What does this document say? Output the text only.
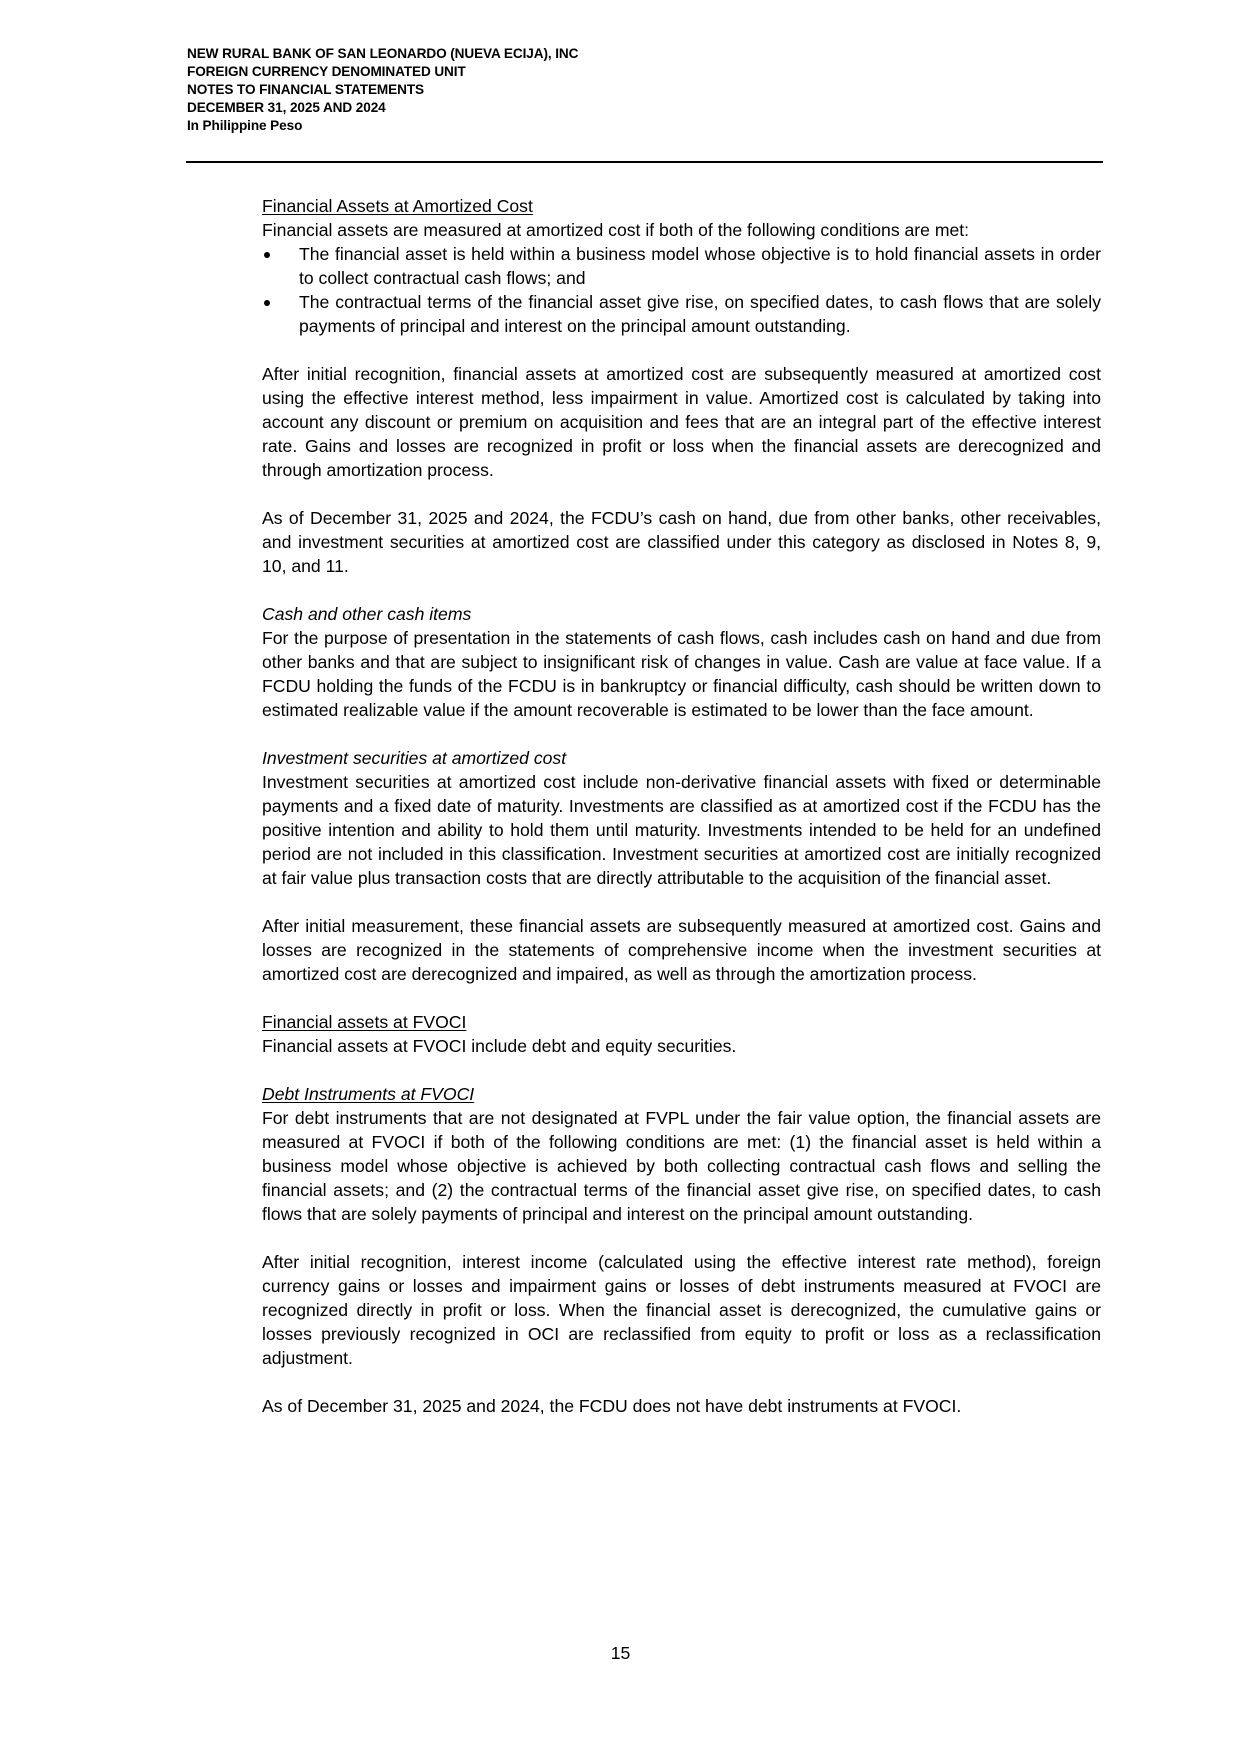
NEW RURAL BANK OF SAN LEONARDO (NUEVA ECIJA), INC
FOREIGN CURRENCY DENOMINATED UNIT
NOTES TO FINANCIAL STATEMENTS
DECEMBER 31, 2025 AND 2024
In Philippine Peso
Financial Assets at Amortized Cost

Financial assets are measured at amortized cost if both of the following conditions are met:

The financial asset is held within a business model whose objective is to hold financial assets in order to collect contractual cash flows; and
The contractual terms of the financial asset give rise, on specified dates, to cash flows that are solely payments of principal and interest on the principal amount outstanding.

After initial recognition, financial assets at amortized cost are subsequently measured at amortized cost using the effective interest method, less impairment in value. Amortized cost is calculated by taking into account any discount or premium on acquisition and fees that are an integral part of the effective interest rate. Gains and losses are recognized in profit or loss when the financial assets are derecognized and through amortization process.

As of December 31, 2025 and 2024, the FCDU’s cash on hand, due from other banks, other receivables, and investment securities at amortized cost are classified under this category as disclosed in Notes 8, 9, 10, and 11.

Cash and other cash items

For the purpose of presentation in the statements of cash flows, cash includes cash on hand and due from other banks and that are subject to insignificant risk of changes in value. Cash are value at face value. If a FCDU holding the funds of the FCDU is in bankruptcy or financial difficulty, cash should be written down to estimated realizable value if the amount recoverable is estimated to be lower than the face amount.

Investment securities at amortized cost

Investment securities at amortized cost include non-derivative financial assets with fixed or determinable payments and a fixed date of maturity. Investments are classified as at amortized cost if the FCDU has the positive intention and ability to hold them until maturity. Investments intended to be held for an undefined period are not included in this classification. Investment securities at amortized cost are initially recognized at fair value plus transaction costs that are directly attributable to the acquisition of the financial asset.

After initial measurement, these financial assets are subsequently measured at amortized cost. Gains and losses are recognized in the statements of comprehensive income when the investment securities at amortized cost are derecognized and impaired, as well as through the amortization process.

Financial assets at FVOCI

Financial assets at FVOCI include debt and equity securities.

Debt Instruments at FVOCI

For debt instruments that are not designated at FVPL under the fair value option, the financial assets are measured at FVOCI if both of the following conditions are met: (1) the financial asset is held within a business model whose objective is achieved by both collecting contractual cash flows and selling the financial assets; and (2) the contractual terms of the financial asset give rise, on specified dates, to cash flows that are solely payments of principal and interest on the principal amount outstanding.

After initial recognition, interest income (calculated using the effective interest rate method), foreign currency gains or losses and impairment gains or losses of debt instruments measured at FVOCI are recognized directly in profit or loss. When the financial asset is derecognized, the cumulative gains or losses previously recognized in OCI are reclassified from equity to profit or loss as a reclassification adjustment.

As of December 31, 2025 and 2024, the FCDU does not have debt instruments at FVOCI.

15
